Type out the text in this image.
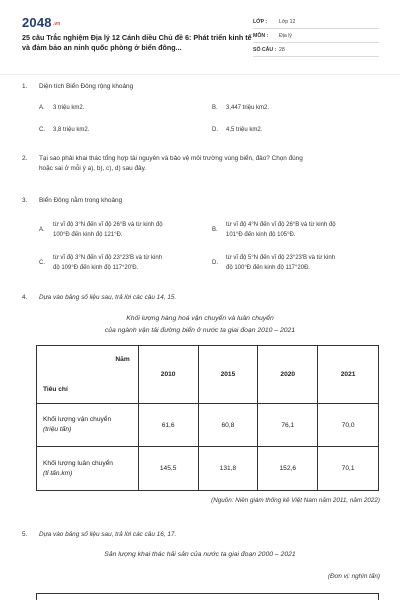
2048.vn
25 câu Trắc nghiệm Địa lý 12 Cánh diều Chủ đề 6: Phát triển kinh tế và đảm bảo an ninh quốc phòng ở biển đông...
LỚP :	Lớp 12
MÔN :	Địa lý
SỐ CÂU : 28
1. Diện tích Biển Đông rộng khoảng
A. 3 triệu km2.	B. 3,447 triệu km2.
C. 3,8 triệu km2.	D. 4,5 triệu km2.
2. Tại sao phải khai thác tổng hợp tài nguyên và bảo vệ môi trường vùng biển, đảo? Chọn đúng
hoặc sai ở mỗi ý a), b), c), d) sau đây.
3. Biển Đông nằm trong khoảng
A.
từ vĩ độ 3°N đến vĩ độ 26°B và từ kinh độ
100°Đ đến kinh độ 121°Đ.
B.
từ vĩ độ 4°N đến vĩ độ 26°B và từ kinh độ
101°Đ đến kinh độ 105°Đ.
C.
từ vĩ độ 3°N đến vĩ độ 23°23'B và từ kinh
độ 109°Đ đến kinh độ 117°20'Đ.
D.
từ vĩ độ 5°N đến vĩ độ 23°23'B và từ kinh
độ 100°Đ đến kinh độ 117°20Đ.
4. Dựa vào bảng số liệu sau, trả lời các câu 14, 15.
Khối lượng hàng hoá vận chuyển và luân chuyển
của ngành vận tải đường biển ở nước ta giai đoạn 2010 – 2021
Năm
Tiêu chí	2010	2015	2020	2021

Khối lượng vận chuyển
(triệu tấn)	61,6	60,8	76,1	70,0

Khối lượng luân chuyển
(tỉ tấn.km)	145,5	131,8	152,6	70,1
(Nguồn: Niên giám thống kê Việt Nam năm 2011, năm 2022)
5. Dựa vào bảng số liệu sau, trả lời các câu 16, 17.
Sản lượng khai thác hải sản của nước ta giai đoạn 2000 – 2021
(Đơn vị: nghìn tấn)
